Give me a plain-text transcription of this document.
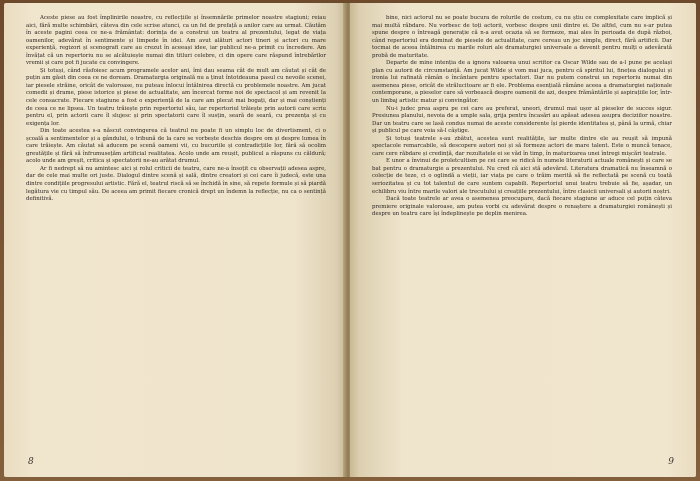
Aceste piese au fost împlinirile noastre, cu reflecțiile și însemnările primelor noastre stagiuni; reiau aici, fără multe schimbări, câteva din cele scrise atunci, ca un fel de prefață a anilor care au urmat. Căutăm în aceste pagini ceea ce ne-a frământat: dorința de a construi un teatru al prezentului, legat de viața oamenilor, adevărat în sentimente și limpede în idei. Am avut alături actori tineri și actori cu mare experiență, regizori și scenografi care au crezut în aceeași idee, iar publicul ne-a primit cu încredere. Am învățat că un repertoriu nu se alcătuiește numai din titluri celebre, ci din opere care răspund întrebărilor vremii și care pot fi jucate cu convingere.

Și totuși, când răsfoiesc acum programele acelor ani, îmi dau seama cât de mult am căutat și cât de puțin am găsit din ceea ce ne doream. Dramaturgia originală nu a ținut întotdeauna pasul cu nevoile scenei, iar piesele străine, oricât de valoroase, nu puteau înlocui întâlnirea directă cu problemele noastre. Am jucat comedii și drame, piese istorice și piese de actualitate, am încercat forme noi de spectacol și am revenit la cele consacrate. Fiecare stagiune a fost o experiență de la care am plecat mai bogați, dar și mai conștienți de ceea ce ne lipsea. Un teatru trăiește prin repertoriul său, iar repertoriul trăiește prin autorii care scriu pentru el, prin actorii care îl slujesc și prin spectatorii care îl susțin, seară de seară, cu prezența și cu exigența lor.

Din toate acestea s-a născut convingerea că teatrul nu poate fi un simplu loc de divertisment, ci o școală a sentimentelor și a gândului, o tribună de la care se vorbește deschis despre om și despre lumea în care trăiește. Am căutat să aducem pe scenă oameni vii, cu bucuriile și contradicțiile lor, fără să ocolim greutățile și fără să înfrumusețăm artificial realitatea. Acolo unde am reușit, publicul a răspuns cu căldură; acolo unde am greșit, critica și spectatorii ne-au arătat drumul.

Ar fi nedrept să nu amintesc aici și rolul criticii de teatru, care ne-a însoțit cu observații adesea aspre, dar de cele mai multe ori juste. Dialogul dintre scenă și sală, dintre creatori și cei care îi judecă, este una dintre condițiile progresului artistic. Fără el, teatrul riscă să se închidă în sine, să repete formule și să piardă legătura vie cu timpul său. De aceea am primit fiecare cronică drept un îndemn la reflecție, nu ca o sentință definitivă.

8

bine, nici actorul nu se poate bucura de rolurile de costum, cu nu știu ce complexitate care implică și mai multă răbdare. Nu vorbesc de toți actorii, vorbesc despre unii dintre ei. De altfel, cum nu s-ar putea spune despre o întreagă generație că n-a avut ocazia să se formeze, mai ales în perioada de după război, când repertoriul era dominat de piesele de actualitate, care cereau un joc simplu, direct, fără artificii. Dar tocmai de aceea întâlnirea cu marile roluri ale dramaturgiei universale a devenit pentru mulți o adevărată probă de maturitate.

Departe de mine intenția de a ignora valoarea unui scriitor ca Oscar Wilde sau de a-l pune pe același plan cu autorii de circumstanță. Am jucat Wilde și vom mai juca, pentru că spiritul lui, finețea dialogului și ironia lui rafinată rămân o încântare pentru spectatori. Dar nu putem construi un repertoriu numai din asemenea piese, oricât de strălucitoare ar fi ele. Problema esențială rămâne aceea a dramaturgiei naționale contemporane, a pieselor care să vorbească despre oamenii de azi, despre frământările și aspirațiile lor, într-un limbaj artistic matur și convingător.

Nu-i judec prea aspru pe cei care au preferat, uneori, drumul mai ușor al pieselor de succes sigur. Presiunea planului, nevoia de a umple sala, grija pentru încasări au apăsat adesea asupra deciziilor noastre. Dar un teatru care se lasă condus numai de aceste considerente își pierde identitatea și, până la urmă, chiar și publicul pe care voia să-l câștige.

Și totuși teatrele s-au zbătut, acestea sunt realitățile, iar multe dintre ele au reușit să impună spectacole remarcabile, să descopere autori noi și să formeze actori de mare talent. Este o muncă tenace, care cere răbdare și credință, dar rezultatele ei se văd în timp, în maturizarea unei întregi mișcări teatrale.

E unor a învinui de proletcultism pe cei care se ridică în numele literaturii actuale românești și care se bat pentru o dramaturgie a prezentului. Nu cred că aici stă adevărul. Literatura dramatică nu înseamnă o colecție de teze, ci o oglindă a vieții, iar viața pe care o trăim merită să fie reflectată pe scenă cu toată seriozitatea și cu tot talentul de care suntem capabili. Repertoriul unui teatru trebuie să fie, așadar, un echilibru viu între marile valori ale trecutului și creațiile prezentului, între clasicii universali și autorii noștri.

Dacă toate teatrele ar avea o asemenea preocupare, dacă fiecare stagiune ar aduce cel puțin câteva premiere originale valoroase, am putea vorbi cu adevărat despre o renaștere a dramaturgiei românești și despre un teatru care își îndeplinește pe deplin menirea.

9
